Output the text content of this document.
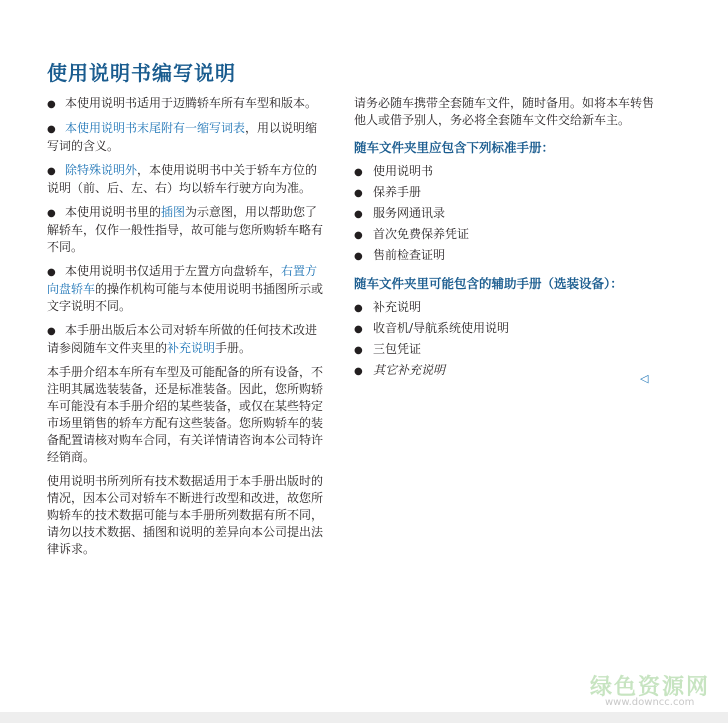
使用说明书编写说明
● 本使用说明书适用于迈腾轿车所有车型和版本。
● 本使用说明书末尾附有一缩写词表，用以说明缩写词的含义。
● 除特殊说明外，本使用说明书中关于轿车方位的说明（前、后、左、右）均以轿车行驶方向为准。
● 本使用说明书里的插图为示意图，用以帮助您了解轿车，仅作一般性指导，故可能与您所购轿车略有不同。
● 本使用说明书仅适用于左置方向盘轿车，右置方向盘轿车的操作机构可能与本使用说明书插图所示或文字说明不同。
● 本手册出版后本公司对轿车所做的任何技术改进请参阅随车文件夹里的补充说明手册。

本手册介绍本车所有车型及可能配备的所有设备，不注明其属选装装备，还是标准装备。因此，您所购轿车可能没有本手册介绍的某些装备，或仅在某些特定市场里销售的轿车方配有这些装备。您所购轿车的装备配置请核对购车合同，有关详情请咨询本公司特许经销商。

使用说明书所列所有技术数据适用于本手册出版时的情况，因本公司对轿车不断进行改型和改进，故您所购轿车的技术数据可能与本手册所列数据有所不同，请勿以技术数据、插图和说明的差异向本公司提出法律诉求。

请务必随车携带全套随车文件，随时备用。如将本车转售他人或借予别人，务必将全套随车文件交给新车主。

随车文件夹里应包含下列标准手册：
● 使用说明书
● 保养手册
● 服务网通讯录
● 首次免费保养凭证
● 售前检查证明
随车文件夹里可能包含的辅助手册（选装设备）：
● 补充说明
● 收音机/导航系统使用说明
● 三包凭证
● 其它补充说明
◁
绿色资源网
www.downcc.com
